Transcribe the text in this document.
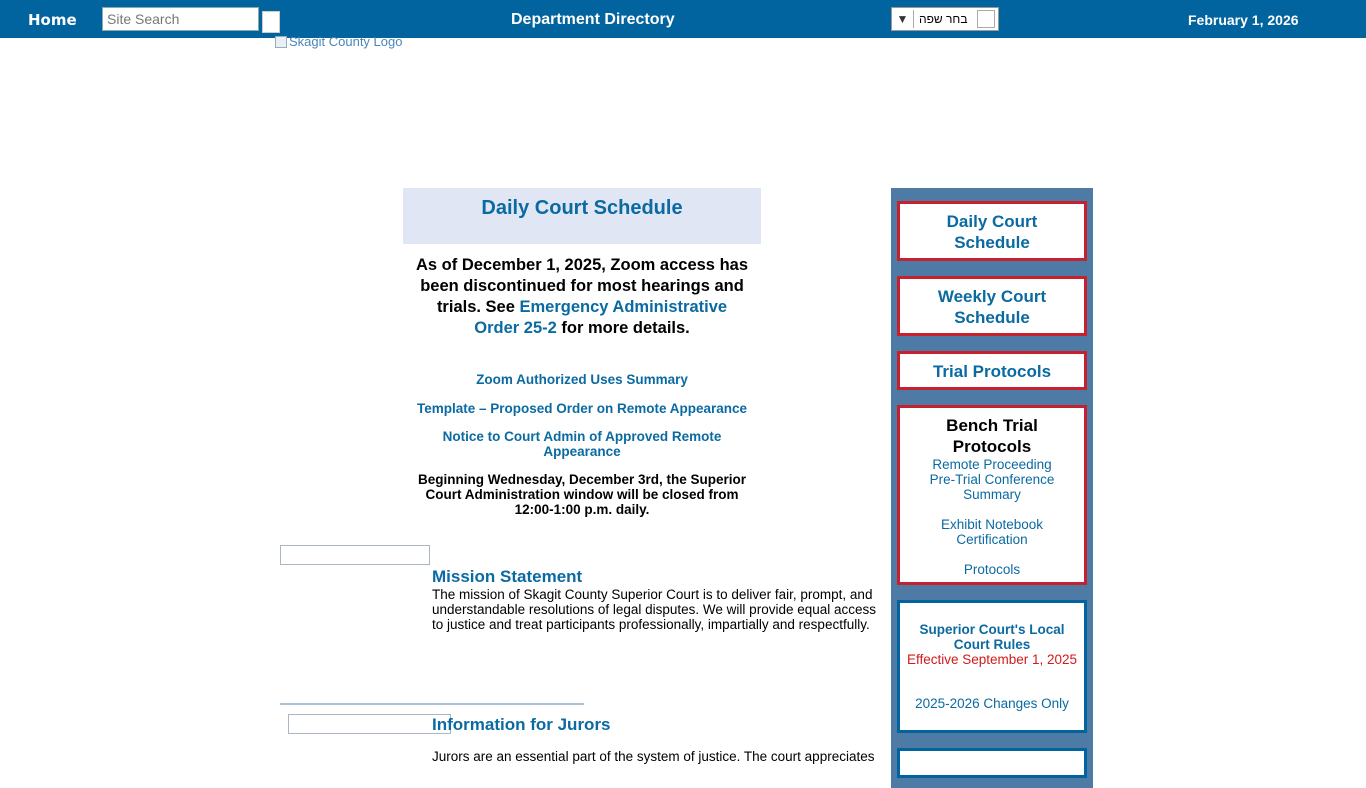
Home
Site Search	Department Directory	▼ בחר שפה	February 1, 2026
Skagit County Logo
Daily Court Schedule
As of December 1, 2025, Zoom access has been discontinued for most hearings and trials. See Emergency Administrative Order 25-2 for more details.
Zoom Authorized Uses Summary
Template – Proposed Order on Remote Appearance
Notice to Court Admin of Approved Remote Appearance
Beginning Wednesday, December 3rd, the Superior Court Administration window will be closed from 12:00-1:00 p.m. daily.
Mission Statement
The mission of Skagit County Superior Court is to deliver fair, prompt, and understandable resolutions of legal disputes. We will provide equal access to justice and treat participants professionally, impartially and respectfully.
Information for Jurors
Jurors are an essential part of the system of justice. The court appreciates
Daily Court Schedule
Weekly Court Schedule
Trial Protocols
Bench Trial Protocols
Remote Proceeding
Pre-Trial Conference Summary
Exhibit Notebook Certification
Protocols
Superior Court's Local Court Rules
Effective September 1, 2025
2025-2026 Changes Only
